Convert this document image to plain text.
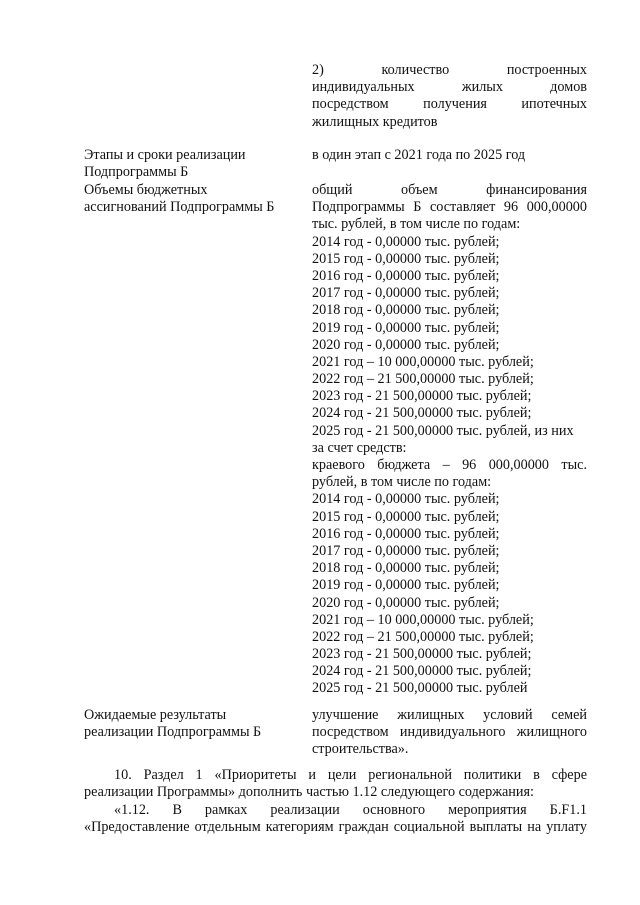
2) количество построенных
индивидуальных жилых домов
посредством получения ипотечных
жилищных кредитов
Этапы и сроки реализации
Подпрограммы Б
в один этап с 2021 года по 2025 год
Объемы бюджетных
ассигнований Подпрограммы Б
общий объем финансирования
Подпрограммы Б составляет 96 000,00000
тыс. рублей, в том числе по годам:
2014 год - 0,00000 тыс. рублей;
2015 год - 0,00000 тыс. рублей;
2016 год - 0,00000 тыс. рублей;
2017 год - 0,00000 тыс. рублей;
2018 год - 0,00000 тыс. рублей;
2019 год - 0,00000 тыс. рублей;
2020 год - 0,00000 тыс. рублей;
2021 год – 10 000,00000 тыс. рублей;
2022 год – 21 500,00000 тыс. рублей;
2023 год - 21 500,00000 тыс. рублей;
2024 год - 21 500,00000 тыс. рублей;
2025 год - 21 500,00000 тыс. рублей, из них
за счет средств:
краевого бюджета – 96 000,00000 тыс.
рублей, в том числе по годам:
2014 год - 0,00000 тыс. рублей;
2015 год - 0,00000 тыс. рублей;
2016 год - 0,00000 тыс. рублей;
2017 год - 0,00000 тыс. рублей;
2018 год - 0,00000 тыс. рублей;
2019 год - 0,00000 тыс. рублей;
2020 год - 0,00000 тыс. рублей;
2021 год – 10 000,00000 тыс. рублей;
2022 год – 21 500,00000 тыс. рублей;
2023 год - 21 500,00000 тыс. рублей;
2024 год - 21 500,00000 тыс. рублей;
2025 год - 21 500,00000 тыс. рублей
Ожидаемые результаты
реализации Подпрограммы Б
улучшение жилищных условий семей
посредством индивидуального жилищного
строительства».
10. Раздел 1 «Приоритеты и цели региональной политики в сфере
реализации Программы» дополнить частью 1.12 следующего содержания:
«1.12. В рамках реализации основного мероприятия Б.F1.1
«Предоставление отдельным категориям граждан социальной выплаты на уплату
